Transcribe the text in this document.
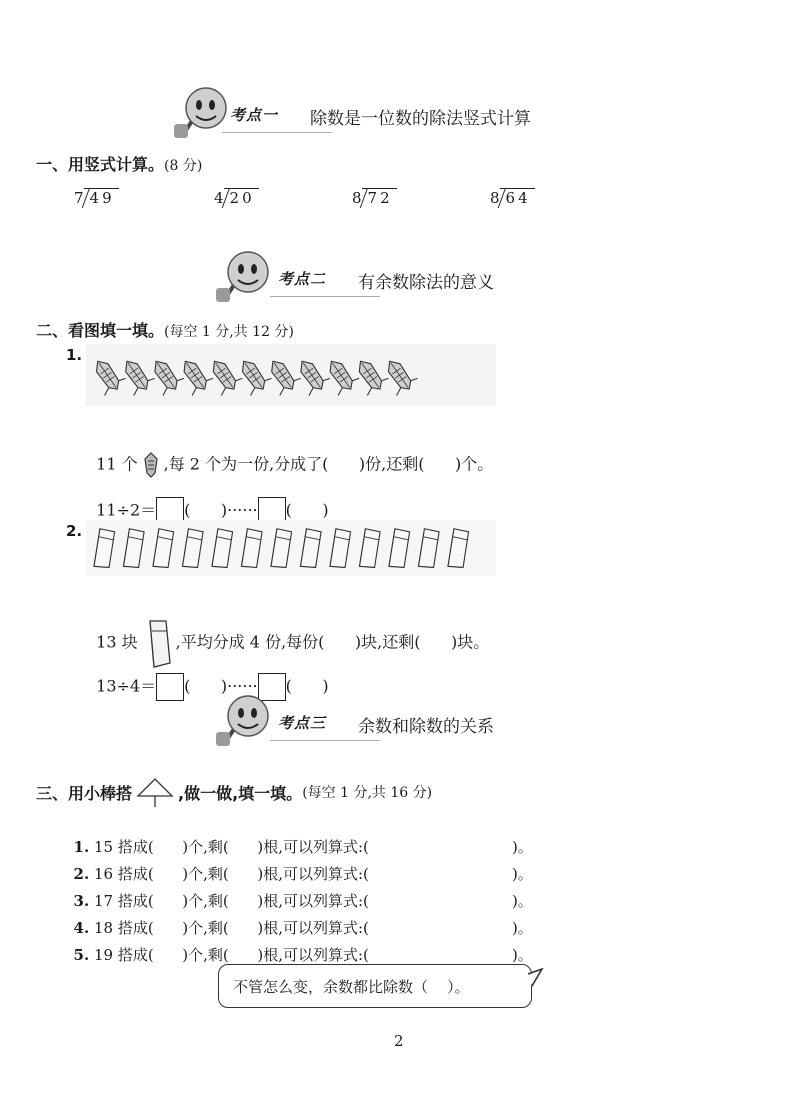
考点一 除数是一位数的除法竖式计算
一、用竖式计算。(8 分)
7 49	4 20	8 72	8 64
考点二 有余数除法的意义
二、看图填一填。(每空 1 分,共 12 分)
1.

11 个 ,每 2 个为一份,分成了(      )份,还剩(      )个。

11÷2＝ (      )······ (      )

2.

13 块 ,平均分成 4 份,每份(      )块,还剩(      )块。

13÷4＝ (      )······ (      )

考点三 余数和除数的关系
三、用小棒搭	,做一做,填一填。 (每空 1 分,共 16 分)

1. 15 搭成(      )个,剩(      )根,可以列算式:(                              )。

2. 16 搭成(      )个,剩(      )根,可以列算式:(                              )。

3. 17 搭成(      )个,剩(      )根,可以列算式:(                              )。

4. 18 搭成(      )个,剩(      )根,可以列算式:(                              )。

5. 19 搭成(      )个,剩(      )根,可以列算式:(                              )。

不管怎么变，余数都比除数（    ）。
2
